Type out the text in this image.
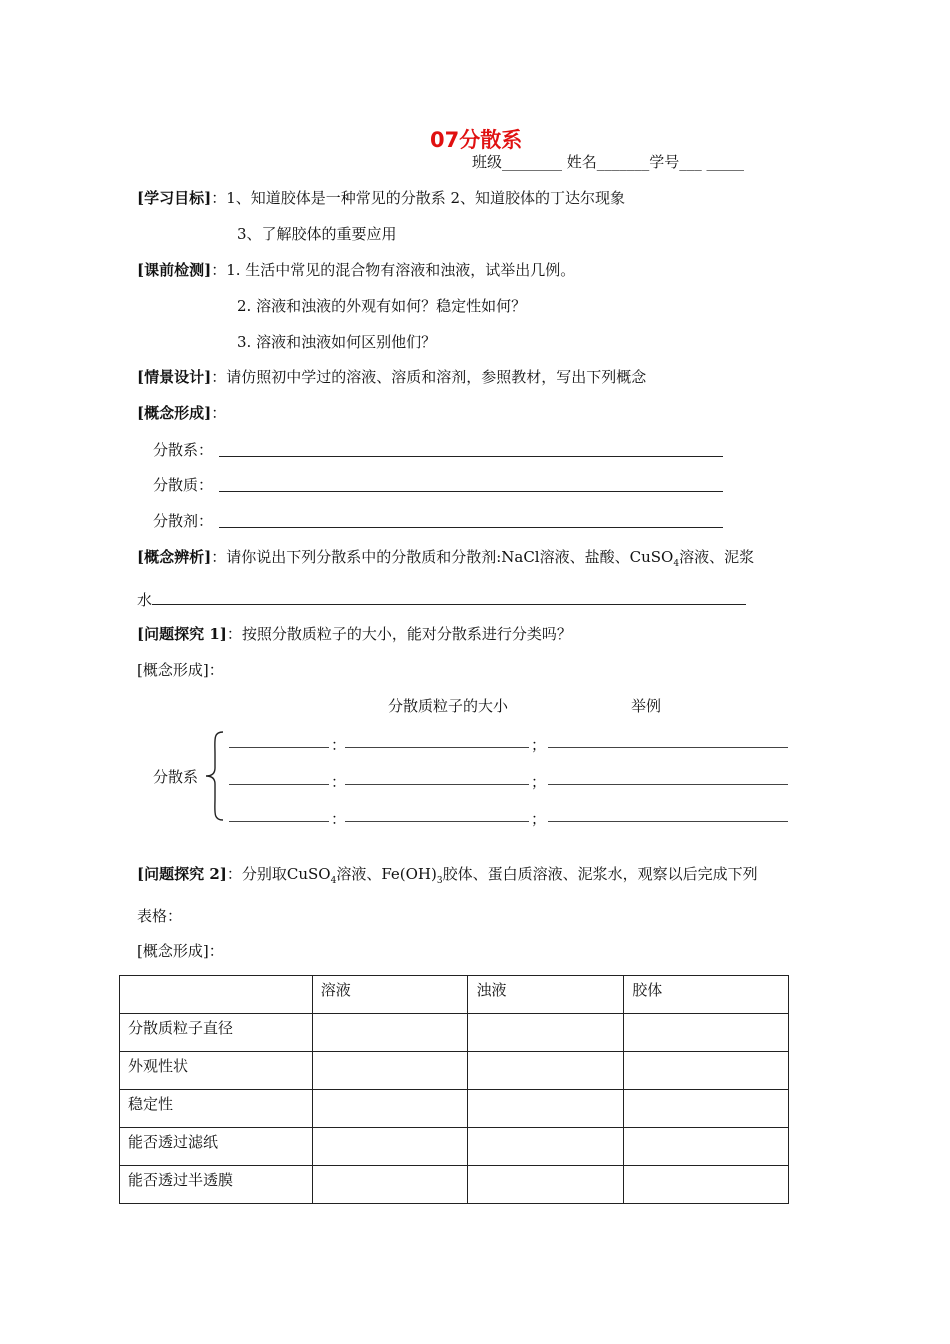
07分散系
班级________ 姓名_______学号___ _____
[学习目标]：1、知道胶体是一种常见的分散系 2、知道胶体的丁达尔现象
3、了解胶体的重要应用
[课前检测]：1. 生活中常见的混合物有溶液和浊液，试举出几例。
2. 溶液和浊液的外观有如何？稳定性如何？
3. 溶液和浊液如何区别他们？
[情景设计]：请仿照初中学过的溶液、溶质和溶剂，参照教材，写出下列概念
[概念形成]：
分散系：
分散质：
分散剂：
[概念辨析]：请你说出下列分散系中的分散质和分散剂:NaCl溶液、盐酸、CuSO$_4$溶液、泥浆
水
[问题探究 1]：按照分散质粒子的大小，能对分散系进行分类吗？
[概念形成]：
分散质粒子的大小	举例
分散系
：	；
：	；
：	；
[问题探究 2]：分别取CuSO$_4$溶液、$Fe(OH)_3$胶体、蛋白质溶液、泥浆水，观察以后完成下列
表格：
[概念形成]：
	溶液	浊液	胶体
分散质粒子直径			
外观性状			
稳定性			
能否透过滤纸			
能否透过半透膜			
